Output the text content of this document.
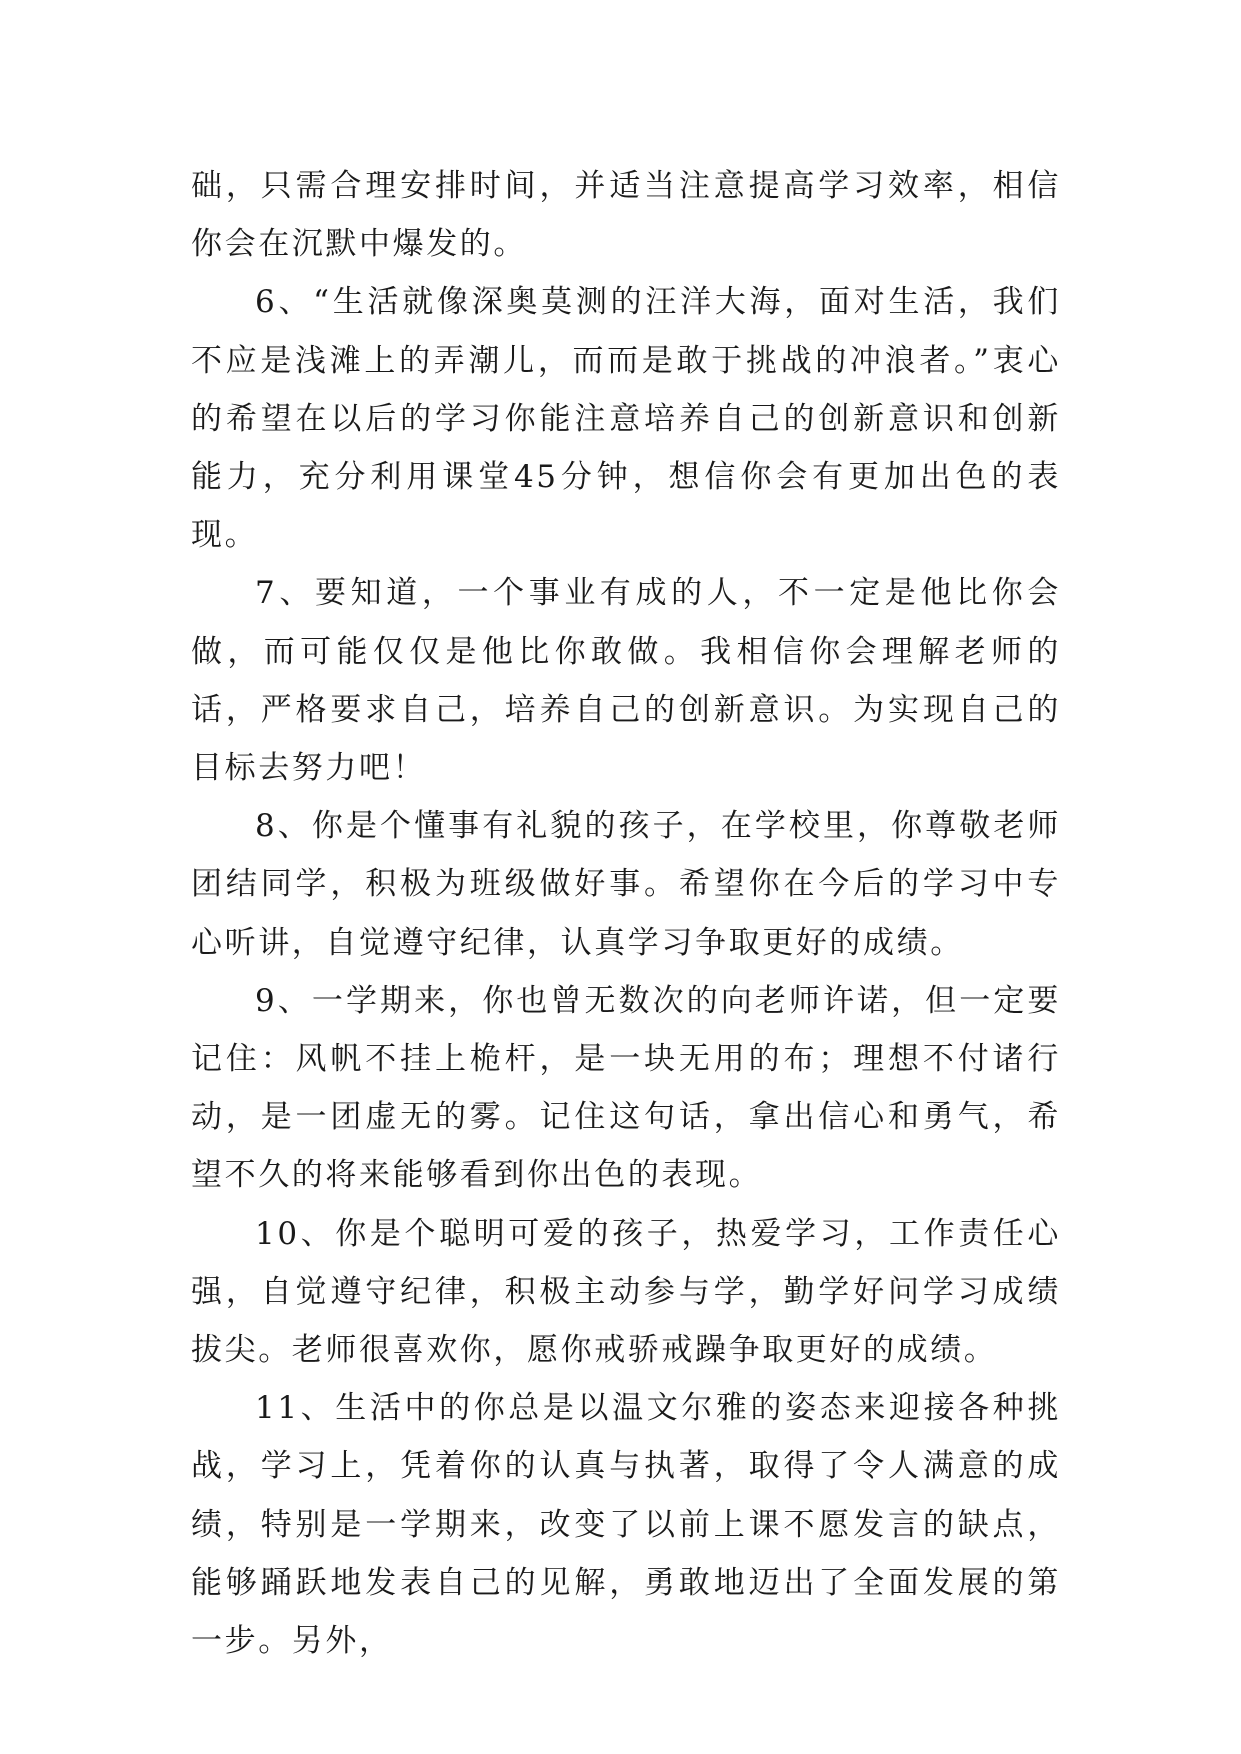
础，只需合理安排时间，并适当注意提高学习效率，相信你会在沉默中爆发的。

6、“生活就像深奥莫测的汪洋大海，面对生活，我们不应是浅滩上的弄潮儿，而而是敢于挑战的冲浪者。”衷心的希望在以后的学习你能注意培养自己的创新意识和创新能力，充分利用课堂45分钟，想信你会有更加出色的表现。

7、要知道，一个事业有成的人，不一定是他比你会做，而可能仅仅是他比你敢做。我相信你会理解老师的话，严格要求自己，培养自己的创新意识。为实现自己的目标去努力吧！

8、你是个懂事有礼貌的孩子，在学校里，你尊敬老师团结同学，积极为班级做好事。希望你在今后的学习中专心听讲，自觉遵守纪律，认真学习争取更好的成绩。

9、一学期来，你也曾无数次的向老师许诺，但一定要记住：风帆不挂上桅杆，是一块无用的布；理想不付诸行动，是一团虚无的雾。记住这句话，拿出信心和勇气，希望不久的将来能够看到你出色的表现。

10、你是个聪明可爱的孩子，热爱学习，工作责任心强，自觉遵守纪律，积极主动参与学，勤学好问学习成绩拔尖。老师很喜欢你，愿你戒骄戒躁争取更好的成绩。

11、生活中的你总是以温文尔雅的姿态来迎接各种挑战，学习上，凭着你的认真与执著，取得了令人满意的成绩，特别是一学期来，改变了以前上课不愿发言的缺点，能够踊跃地发表自己的见解，勇敢地迈出了全面发展的第一步。另外，
